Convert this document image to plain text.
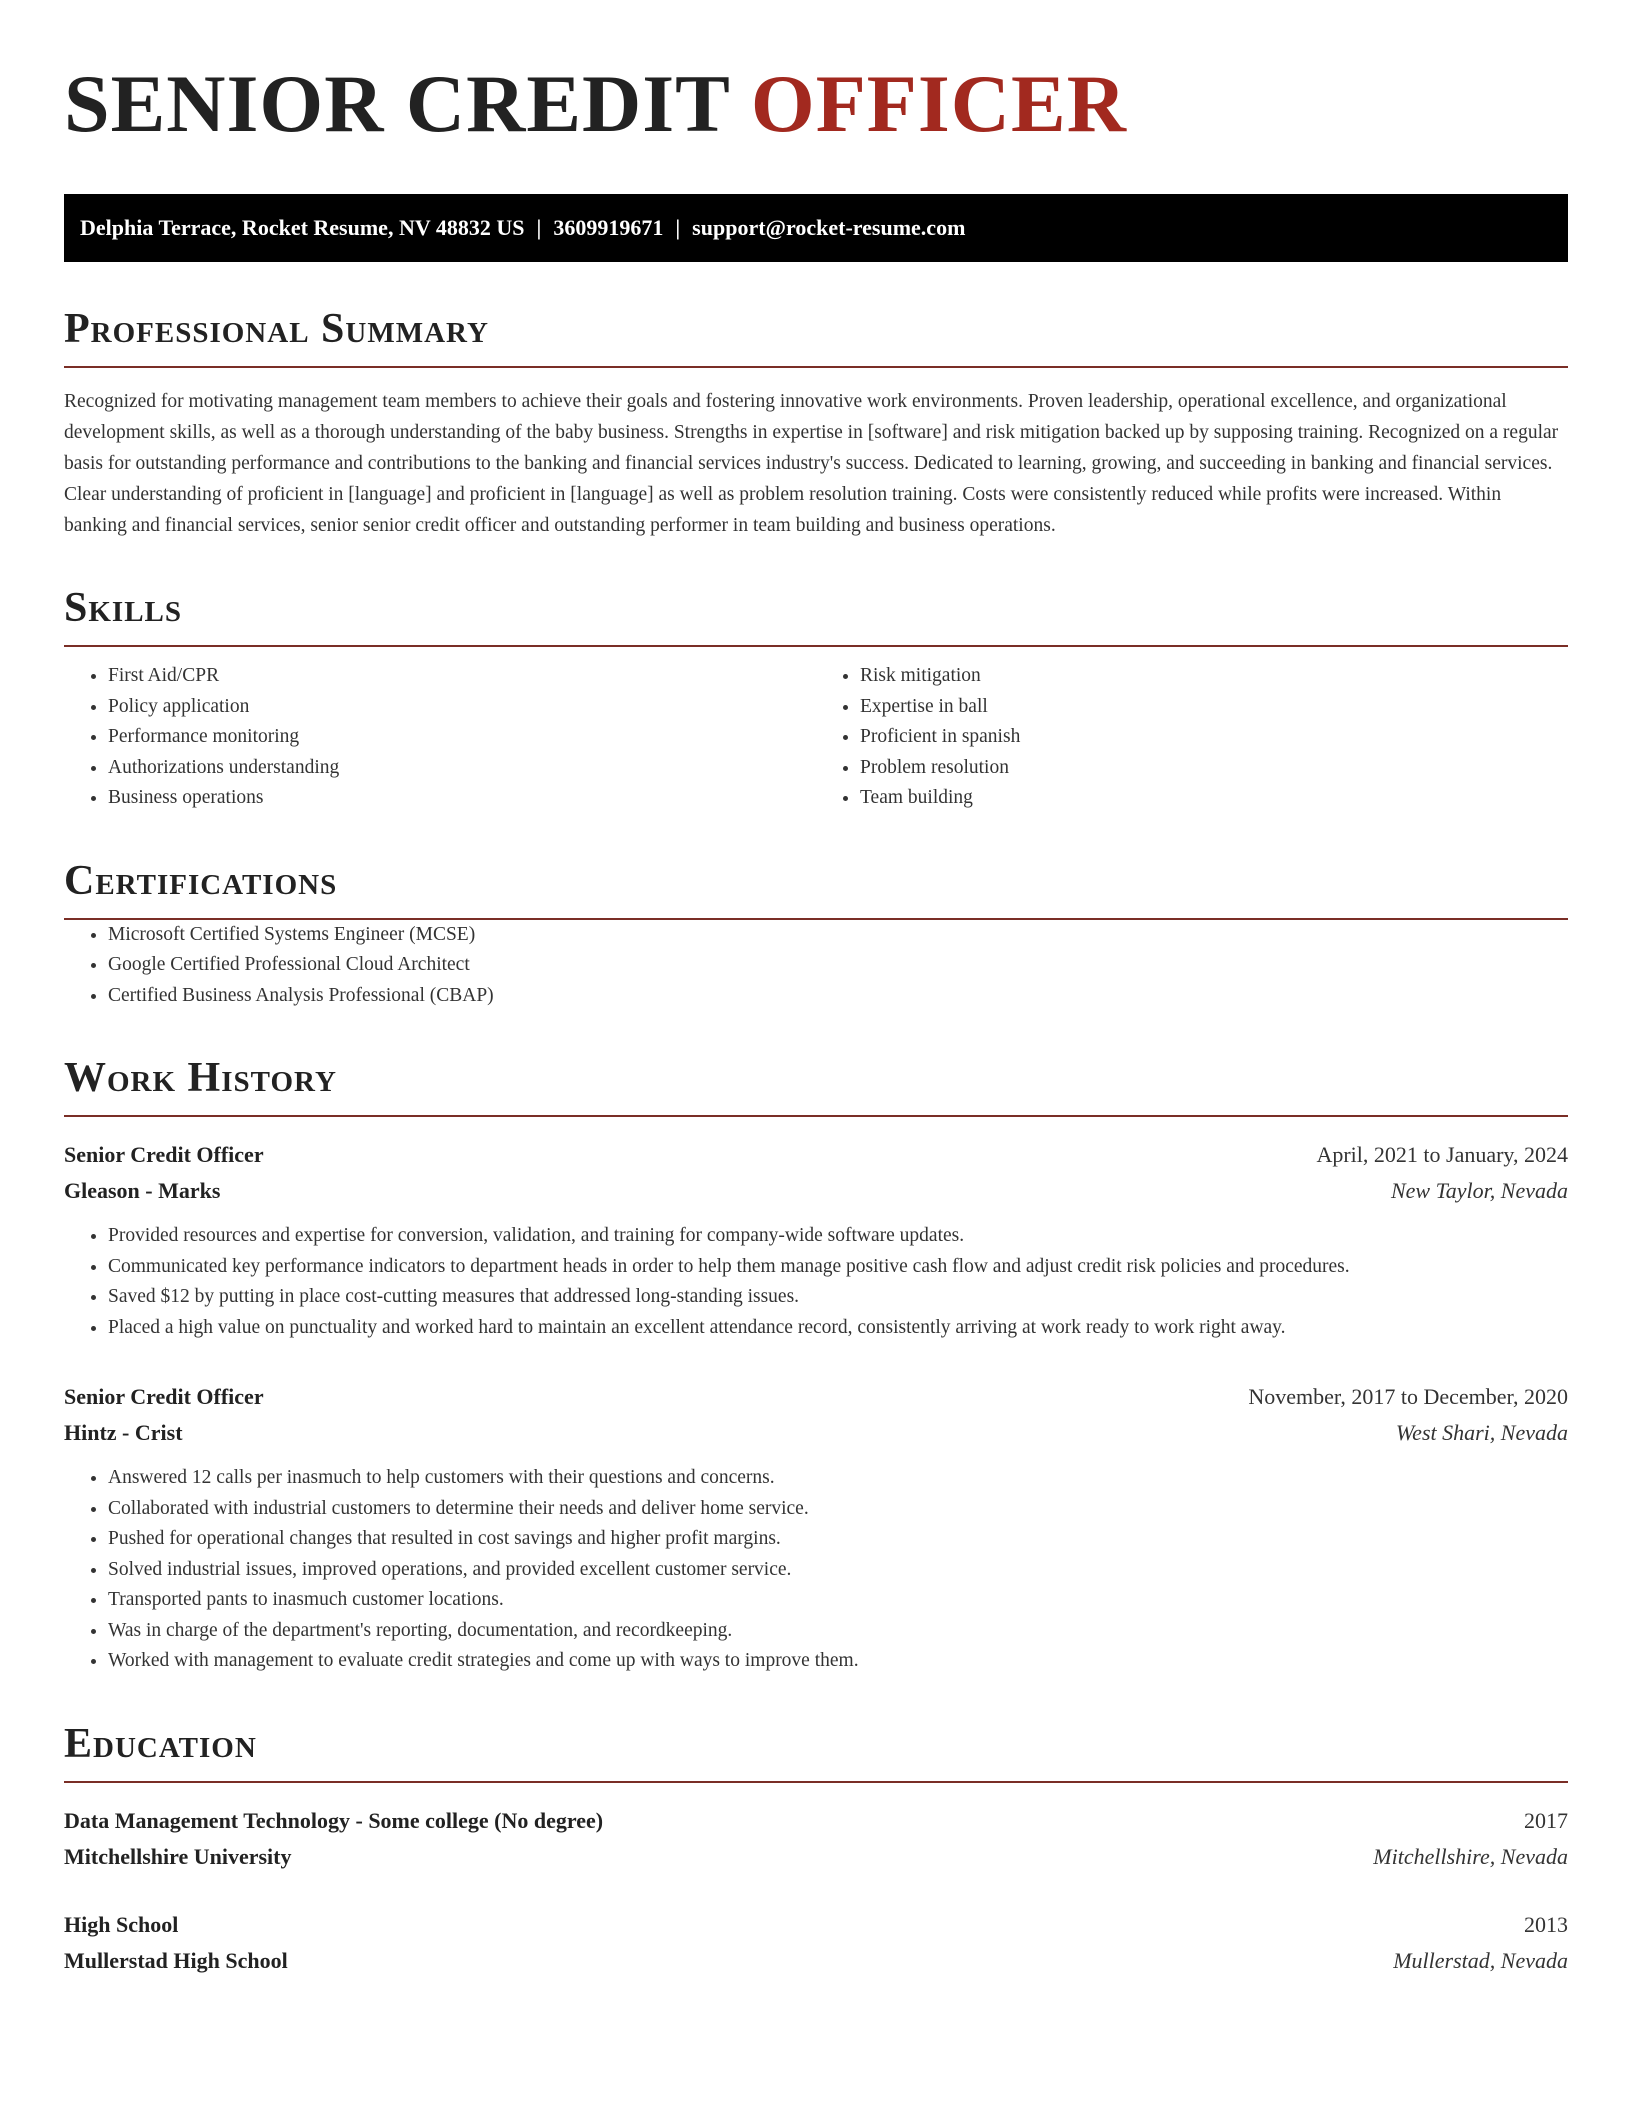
SENIOR CREDIT OFFICER
Delphia Terrace, Rocket Resume, NV 48832 US | 3609919671 | support@rocket-resume.com
Professional Summary

Recognized for motivating management team members to achieve their goals and fostering innovative work environments. Proven leadership, operational excellence, and organizational development skills, as well as a thorough understanding of the baby business. Strengths in expertise in [software] and risk mitigation backed up by supposing training. Recognized on a regular basis for outstanding performance and contributions to the banking and financial services industry's success. Dedicated to learning, growing, and succeeding in banking and financial services. Clear understanding of proficient in [language] and proficient in [language] as well as problem resolution training. Costs were consistently reduced while profits were increased. Within banking and financial services, senior senior credit officer and outstanding performer in team building and business operations.

Skills
• First Aid/CPR
• Policy application
• Performance monitoring
• Authorizations understanding
• Business operations
• Risk mitigation
• Expertise in ball
• Proficient in spanish
• Problem resolution
• Team building
Certifications
• Microsoft Certified Systems Engineer (MCSE)
• Google Certified Professional Cloud Architect
• Certified Business Analysis Professional (CBAP)
Work History
Senior Credit Officer	April, 2021 to January, 2024
Gleason - Marks	New Taylor, Nevada
• Provided resources and expertise for conversion, validation, and training for company-wide software updates.
• Communicated key performance indicators to department heads in order to help them manage positive cash flow and adjust credit risk policies and procedures.
• Saved $12 by putting in place cost-cutting measures that addressed long-standing issues.
• Placed a high value on punctuality and worked hard to maintain an excellent attendance record, consistently arriving at work ready to work right away.
Senior Credit Officer	November, 2017 to December, 2020
Hintz - Crist	West Shari, Nevada
• Answered 12 calls per inasmuch to help customers with their questions and concerns.
• Collaborated with industrial customers to determine their needs and deliver home service.
• Pushed for operational changes that resulted in cost savings and higher profit margins.
• Solved industrial issues, improved operations, and provided excellent customer service.
• Transported pants to inasmuch customer locations.
• Was in charge of the department's reporting, documentation, and recordkeeping.
• Worked with management to evaluate credit strategies and come up with ways to improve them.
Education
Data Management Technology - Some college (No degree)	2017
Mitchellshire University	Mitchellshire, Nevada
High School	2013
Mullerstad High School	Mullerstad, Nevada
